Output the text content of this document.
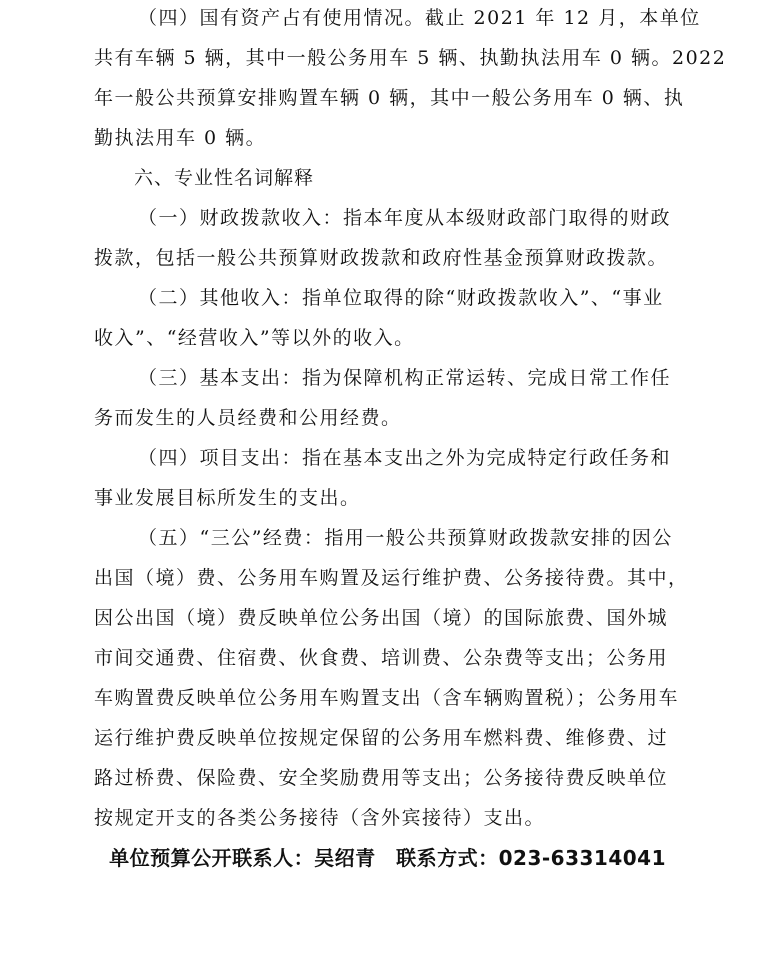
（四）国有资产占有使用情况。截止 2021 年 12 月，本单位
共有车辆 5 辆，其中一般公务用车 5 辆、执勤执法用车 0 辆。2022
年一般公共预算安排购置车辆 0 辆，其中一般公务用车 0 辆、执
勤执法用车 0 辆。
六、专业性名词解释
（一）财政拨款收入：指本年度从本级财政部门取得的财政
拨款，包括一般公共预算财政拨款和政府性基金预算财政拨款。
（二）其他收入：指单位取得的除“财政拨款收入”、“事业
收入”、“经营收入”等以外的收入。
（三）基本支出：指为保障机构正常运转、完成日常工作任
务而发生的人员经费和公用经费。
（四）项目支出：指在基本支出之外为完成特定行政任务和
事业发展目标所发生的支出。
（五）“三公”经费：指用一般公共预算财政拨款安排的因公
出国（境）费、公务用车购置及运行维护费、公务接待费。其中，
因公出国（境）费反映单位公务出国（境）的国际旅费、国外城
市间交通费、住宿费、伙食费、培训费、公杂费等支出；公务用
车购置费反映单位公务用车购置支出（含车辆购置税）；公务用车
运行维护费反映单位按规定保留的公务用车燃料费、维修费、过
路过桥费、保险费、安全奖励费用等支出；公务接待费反映单位
按规定开支的各类公务接待（含外宾接待）支出。
单位预算公开联系人：吴绍青　联系方式：023-63314041
